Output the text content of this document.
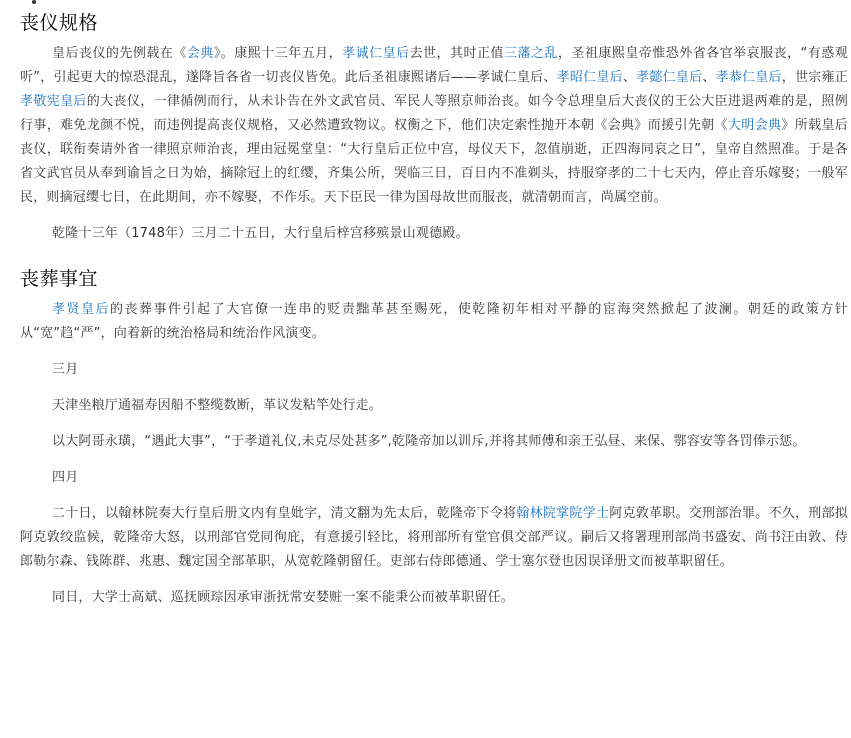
丧仪规格

皇后丧仪的先例载在《会典》。康熙十三年五月，孝诚仁皇后去世，其时正值三藩之乱，圣祖康熙皇帝惟恐外省各官举哀服丧，“有惑观听”，引起更大的惊恐混乱，遂降旨各省一切丧仪皆免。此后圣祖康熙诸后——孝诚仁皇后、孝昭仁皇后、孝懿仁皇后、孝恭仁皇后，世宗雍正孝敬宪皇后的大丧仪，一律循例而行，从未讣告在外文武官员、军民人等照京师治丧。如今令总理皇后大丧仪的王公大臣进退两难的是，照例行事，难免龙颜不悦，而违例提高丧仪规格，又必然遭致物议。权衡之下，他们决定索性抛开本朝《会典》而援引先朝《大明会典》所载皇后丧仪，联衔奏请外省一律照京师治丧，理由冠冕堂皇：“大行皇后正位中宫，母仪天下，忽值崩逝，正四海同哀之日”，皇帝自然照准。于是各省文武官员从奉到谕旨之日为始，摘除冠上的红缨，齐集公所，哭临三日，百日内不准剃头，持服穿孝的二十七天内，停止音乐嫁娶；一般军民，则摘冠缨七日，在此期间，亦不嫁娶，不作乐。天下臣民一律为国母故世而服丧，就清朝而言，尚属空前。

乾隆十三年（1748年）三月二十五日，大行皇后梓宫移殡景山观德殿。

丧葬事宜

孝贤皇后的丧葬事件引起了大官僚一连串的贬责黜革甚至赐死，使乾隆初年相对平静的宦海突然掀起了波澜。朝廷的政策方针从“宽”趋“严”，向着新的统治格局和统治作风演变。

三月

天津坐粮厅通福寿因船不整缆数断，革议发粘竿处行走。

以大阿哥永璜，“遇此大事”，“于孝道礼仪,未克尽处甚多”,乾隆帝加以训斥,并将其师傅和亲王弘昼、来保、鄂容安等各罚俸示惩。

四月

二十日，以翰林院奏大行皇后册文内有皇妣字，清文翻为先太后，乾隆帝下令将翰林院掌院学士阿克敦革职。交刑部治罪。不久，刑部拟阿克敦绞监候，乾隆帝大怒，以刑部官党同徇庇，有意援引轻比，将刑部所有堂官俱交部严议。嗣后又将署理刑部尚书盛安、尚书汪由敦、侍郎勒尔森、钱陈群、兆惠、魏定国全部革职，从宽乾隆朝留任。吏部右侍郎德通、学士塞尔登也因误译册文而被革职留任。

同日，大学士高斌、巡抚顾琮因承审浙抚常安婪赃一案不能秉公而被革职留任。
